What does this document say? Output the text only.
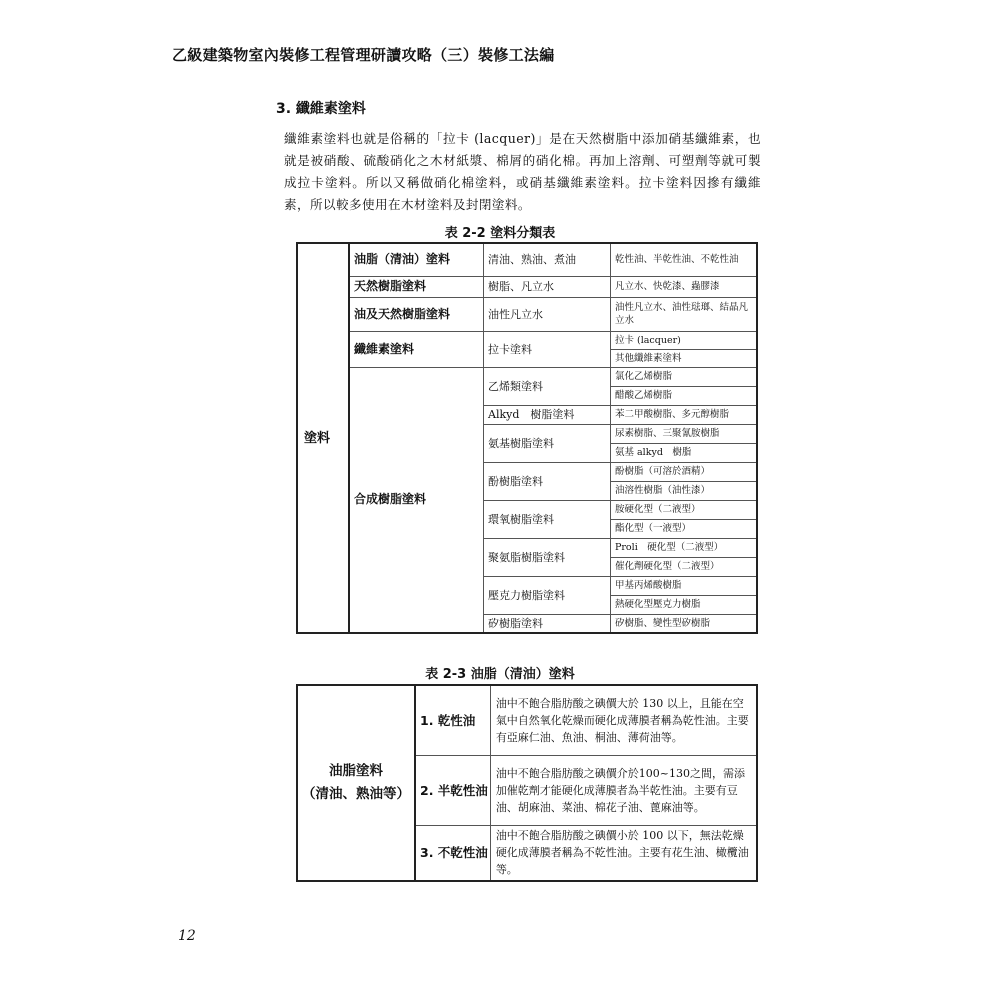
乙級建築物室內裝修工程管理研讀攻略（三）裝修工法編
3. 纖維素塗料
纖維素塗料也就是俗稱的「拉卡 (lacquer)」是在天然樹脂中添加硝基纖維素，也就是被硝酸、硫酸硝化之木材紙漿、棉屑的硝化棉。再加上溶劑、可塑劑等就可製成拉卡塗料。所以又稱做硝化棉塗料，或硝基纖維素塗料。拉卡塗料因摻有纖維素，所以較多使用在木材塗料及封閉塗料。
表 2-2 塗料分類表
塗料	油脂（清油）塗料	清油、熟油、煮油	乾性油、半乾性油、不乾性油
	天然樹脂塗料	樹脂、凡立水	凡立水、快乾漆、蟲膠漆
	油及天然樹脂塗料	油性凡立水	油性凡立水、油性琺瑯、結晶凡立水
	纖維素塗料	拉卡塗料	拉卡 (lacquer)
			其他纖維素塗料
	合成樹脂塗料	乙烯類塗料	氯化乙烯樹脂
			醋酸乙烯樹脂
		Alkyd　樹脂塗料	苯二甲酸樹脂、多元醇樹脂
		氨基樹脂塗料	尿素樹脂、三聚氰胺樹脂
			氨基 alkyd　樹脂
		酚樹脂塗料	酚樹脂（可溶於酒精）
			油溶性樹脂（油性漆）
		環氧樹脂塗料	胺硬化型（二液型）
			酯化型（一液型）
		聚氨脂樹脂塗料	Proli　硬化型（二液型）
			催化劑硬化型（二液型）
		壓克力樹脂塗料	甲基丙烯酸樹脂
			熱硬化型壓克力樹脂
		矽樹脂塗料	矽樹脂、變性型矽樹脂
表 2-3 油脂（清油）塗料
油脂塗料
（清油、熟油等）	1. 乾性油	油中不飽合脂肪酸之碘價大於 130 以上，且能在空氣中自然氧化乾燥而硬化成薄膜者稱為乾性油。主要有亞麻仁油、魚油、桐油、薄荷油等。
	2. 半乾性油	油中不飽合脂肪酸之碘價介於100~130之間，需添加催乾劑才能硬化成薄膜者為半乾性油。主要有豆油、胡麻油、菜油、棉花子油、蓖麻油等。
	3. 不乾性油	油中不飽合脂肪酸之碘價小於 100 以下，無法乾燥硬化成薄膜者稱為不乾性油。主要有花生油、橄欖油等。
12
